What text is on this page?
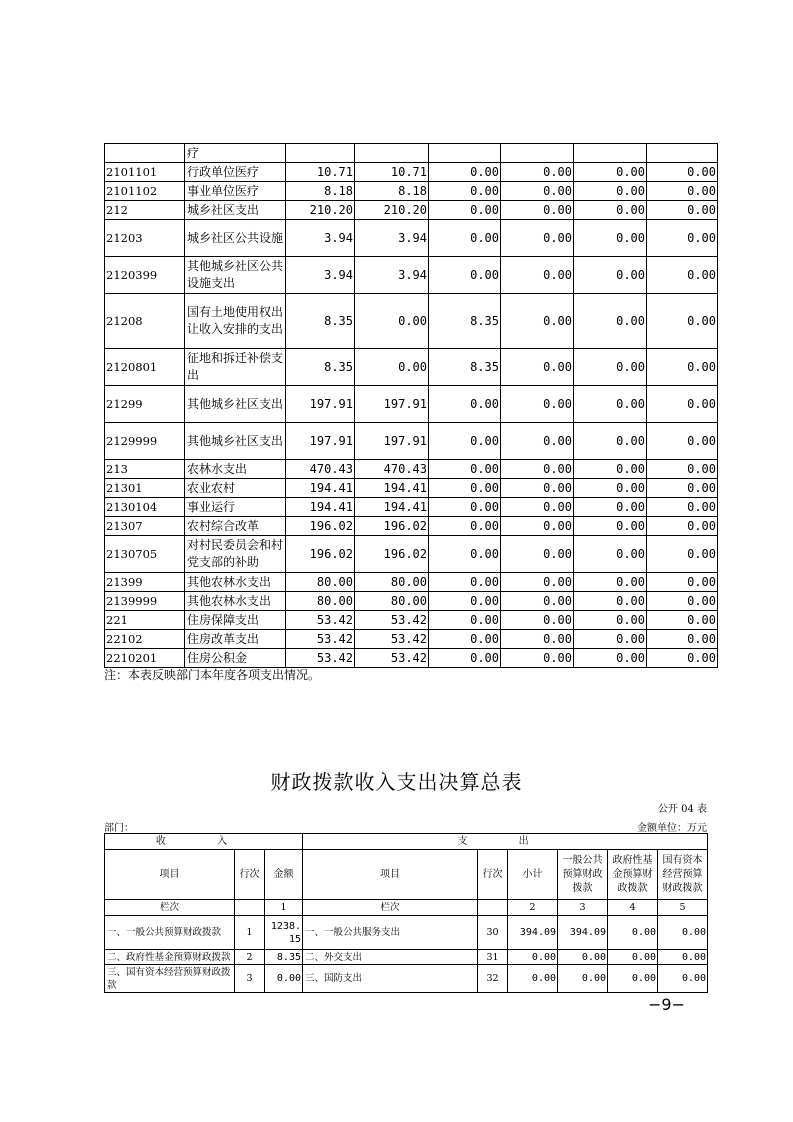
	疗						
2101101	行政单位医疗	10.71	10.71	0.00	0.00	0.00	0.00
2101102	事业单位医疗	8.18	8.18	0.00	0.00	0.00	0.00
212	城乡社区支出	210.20	210.20	0.00	0.00	0.00	0.00
21203	城乡社区公共设施	3.94	3.94	0.00	0.00	0.00	0.00
2120399	其他城乡社区公共设施支出	3.94	3.94	0.00	0.00	0.00	0.00
21208	国有土地使用权出让收入安排的支出	8.35	0.00	8.35	0.00	0.00	0.00
2120801	征地和拆迁补偿支出	8.35	0.00	8.35	0.00	0.00	0.00
21299	其他城乡社区支出	197.91	197.91	0.00	0.00	0.00	0.00
2129999	其他城乡社区支出	197.91	197.91	0.00	0.00	0.00	0.00
213	农林水支出	470.43	470.43	0.00	0.00	0.00	0.00
21301	农业农村	194.41	194.41	0.00	0.00	0.00	0.00
2130104	事业运行	194.41	194.41	0.00	0.00	0.00	0.00
21307	农村综合改革	196.02	196.02	0.00	0.00	0.00	0.00
2130705	对村民委员会和村党支部的补助	196.02	196.02	0.00	0.00	0.00	0.00
21399	其他农林水支出	80.00	80.00	0.00	0.00	0.00	0.00
2139999	其他农林水支出	80.00	80.00	0.00	0.00	0.00	0.00
221	住房保障支出	53.42	53.42	0.00	0.00	0.00	0.00
22102	住房改革支出	53.42	53.42	0.00	0.00	0.00	0.00
2210201	住房公积金	53.42	53.42	0.00	0.00	0.00	0.00
注：本表反映部门本年度各项支出情况。
财政拨款收入支出决算总表
公开 04 表
部门：	金额单位：万元
收 入			支 出					
项目	行次	金额	项目	行次	小计	一般公共预算财政拨款	政府性基金预算财政拨款	国有资本经营预算财政拨款
栏次		1	栏次		2	3	4	5
一、一般公共预算财政拨款	1	1238.15	一、一般公共服务支出	30	394.09	394.09	0.00	0.00
二、政府性基金预算财政拨款	2	8.35	二、外交支出	31	0.00	0.00	0.00	0.00
三、国有资本经营预算财政拨款	3	0.00	三、国防支出	32	0.00	0.00	0.00	0.00
−9−
